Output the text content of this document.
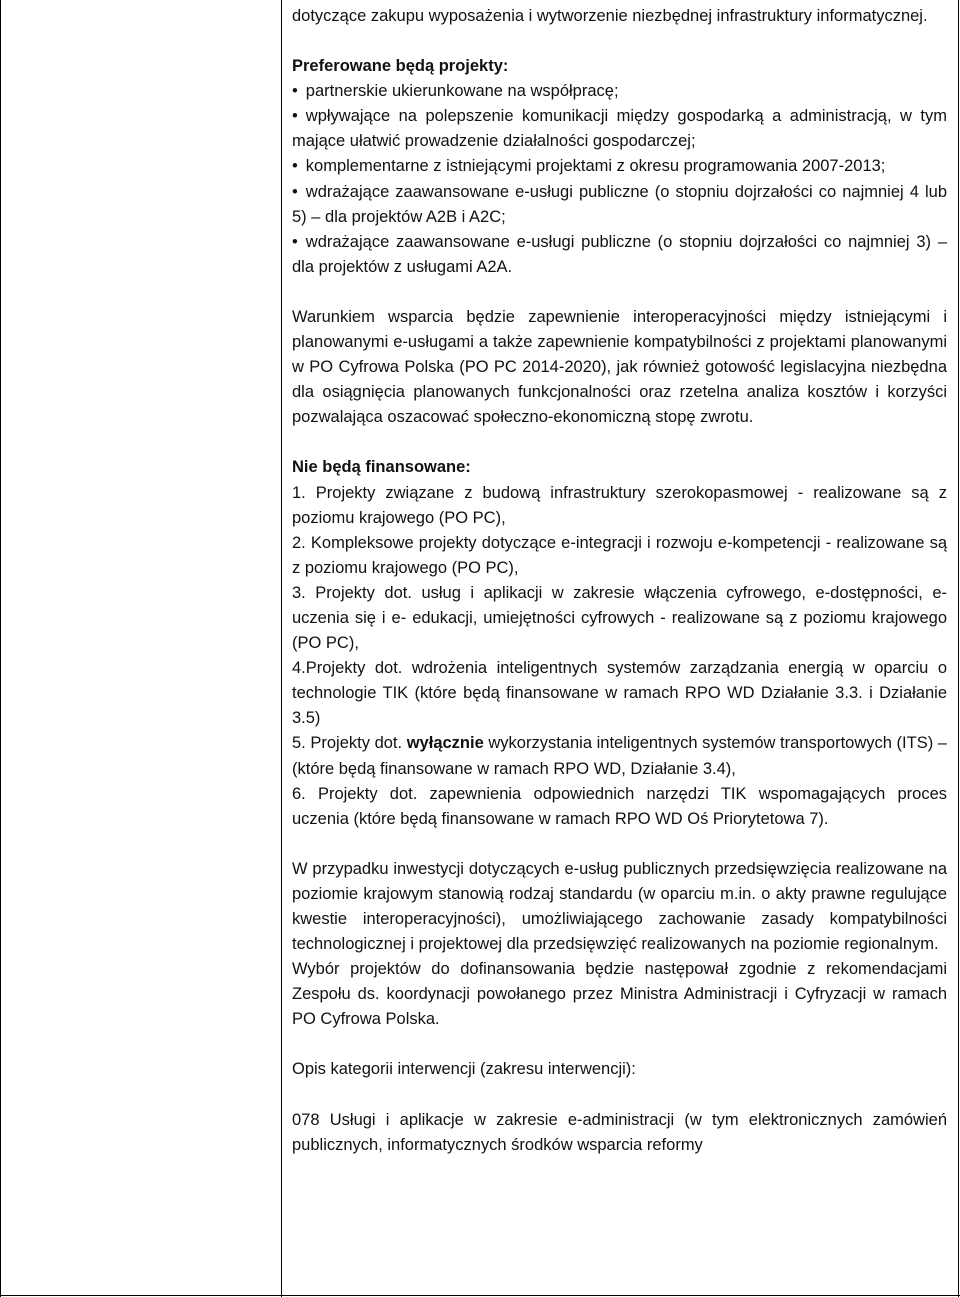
dotyczące zakupu wyposażenia i wytworzenie niezbędnej infrastruktury informatycznej.

Preferowane będą projekty:

• partnerskie ukierunkowane na współpracę;

• wpływające na polepszenie komunikacji między gospodarką a administracją, w tym mające ułatwić prowadzenie działalności gospodarczej;

• komplementarne z istniejącymi projektami z okresu programowania 2007-2013;

• wdrażające zaawansowane e-usługi publiczne (o stopniu dojrzałości co najmniej 4 lub 5) – dla projektów A2B i A2C;

• wdrażające zaawansowane e-usługi publiczne (o stopniu dojrzałości co najmniej 3) – dla projektów z usługami A2A.

Warunkiem wsparcia będzie zapewnienie interoperacyjności między istniejącymi i planowanymi e-usługami a także zapewnienie kompatybilności z projektami planowanymi w PO Cyfrowa Polska (PO PC 2014-2020), jak również gotowość legislacyjna niezbędna dla osiągnięcia planowanych funkcjonalności oraz rzetelna analiza kosztów i korzyści pozwalająca oszacować społeczno-ekonomiczną stopę zwrotu.

Nie będą finansowane:

1. Projekty związane z budową infrastruktury szerokopasmowej - realizowane są z poziomu krajowego (PO PC),

2. Kompleksowe projekty dotyczące e-integracji i rozwoju e-kompetencji - realizowane są z poziomu krajowego (PO PC),

3. Projekty dot. usług i aplikacji w zakresie włączenia cyfrowego, e-dostępności, e-uczenia się i e- edukacji, umiejętności cyfrowych - realizowane są z poziomu krajowego (PO PC),

4.Projekty dot. wdrożenia inteligentnych systemów zarządzania energią w oparciu o technologie TIK (które będą finansowane w ramach RPO WD Działanie 3.3. i Działanie 3.5)

5. Projekty dot. wyłącznie wykorzystania inteligentnych systemów transportowych (ITS) – (które będą finansowane w ramach RPO WD, Działanie 3.4),

6. Projekty dot. zapewnienia odpowiednich narzędzi TIK wspomagających proces uczenia (które będą finansowane w ramach RPO WD Oś Priorytetowa 7).

W przypadku inwestycji dotyczących e-usług publicznych przedsięwzięcia realizowane na poziomie krajowym stanowią rodzaj standardu (w oparciu m.in. o akty prawne regulujące kwestie interoperacyjności), umożliwiającego zachowanie zasady kompatybilności technologicznej i projektowej dla przedsięwzięć realizowanych na poziomie regionalnym.

Wybór projektów do dofinansowania będzie następował zgodnie z rekomendacjami Zespołu ds. koordynacji powołanego przez Ministra Administracji i Cyfryzacji w ramach PO Cyfrowa Polska.

Opis kategorii interwencji (zakresu interwencji):

078 Usługi i aplikacje w zakresie e-administracji (w tym elektronicznych zamówień publicznych, informatycznych środków wsparcia reformy
